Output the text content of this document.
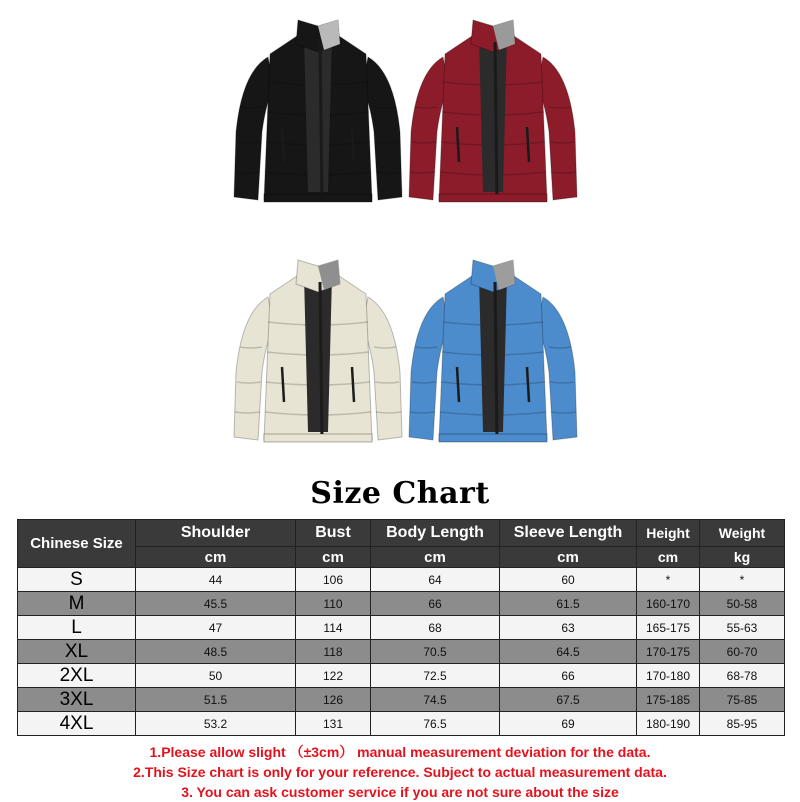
Size Chart
Chinese Size	Shoulder	Bust	Body Length	Sleeve Length	Height	Weight
	cm	cm	cm	cm	cm	kg
S	44	106	64	60	*	*
M	45.5	110	66	61.5	160-170	50-58
L	47	114	68	63	165-175	55-63
XL	48.5	118	70.5	64.5	170-175	60-70
2XL	50	122	72.5	66	170-180	68-78
3XL	51.5	126	74.5	67.5	175-185	75-85
4XL	53.2	131	76.5	69	180-190	85-95
1.Please allow slight （±3cm） manual measurement deviation for the data.
2.This Size chart is only for your reference. Subject to actual measurement data.
3. You can ask customer service if you are not sure about the size
